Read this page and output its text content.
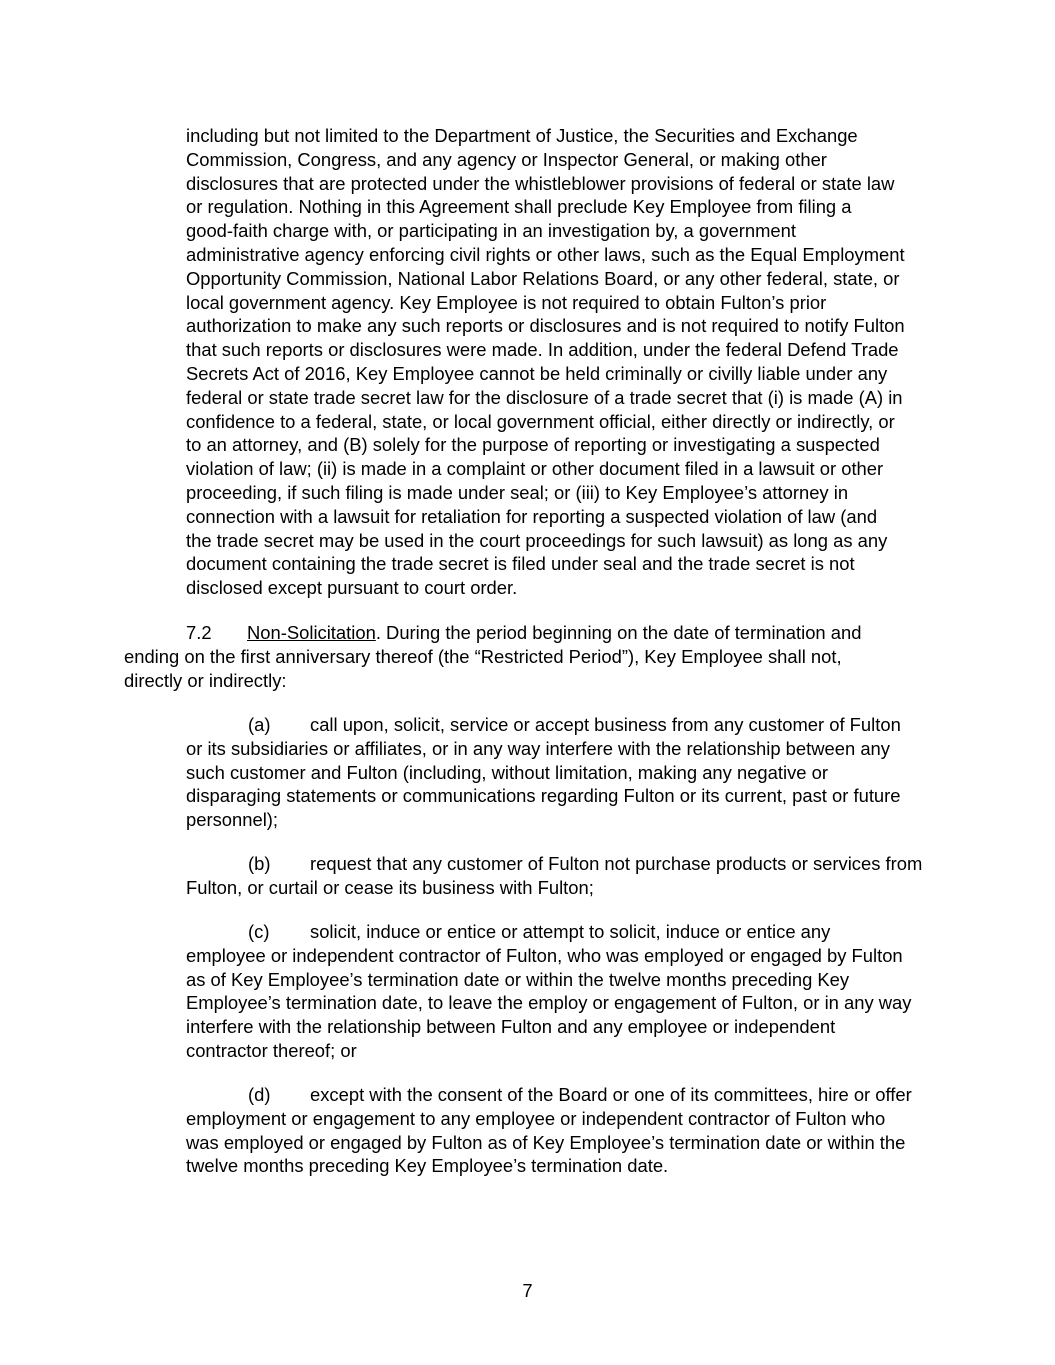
including but not limited to the Department of Justice, the Securities and Exchange
Commission, Congress, and any agency or Inspector General, or making other
disclosures that are protected under the whistleblower provisions of federal or state law
or regulation. Nothing in this Agreement shall preclude Key Employee from filing a
good-faith charge with, or participating in an investigation by, a government
administrative agency enforcing civil rights or other laws, such as the Equal Employment
Opportunity Commission, National Labor Relations Board, or any other federal, state, or
local government agency. Key Employee is not required to obtain Fulton’s prior
authorization to make any such reports or disclosures and is not required to notify Fulton
that such reports or disclosures were made. In addition, under the federal Defend Trade
Secrets Act of 2016, Key Employee cannot be held criminally or civilly liable under any
federal or state trade secret law for the disclosure of a trade secret that (i) is made (A) in
confidence to a federal, state, or local government official, either directly or indirectly, or
to an attorney, and (B) solely for the purpose of reporting or investigating a suspected
violation of law; (ii) is made in a complaint or other document filed in a lawsuit or other
proceeding, if such filing is made under seal; or (iii) to Key Employee’s attorney in
connection with a lawsuit for retaliation for reporting a suspected violation of law (and
the trade secret may be used in the court proceedings for such lawsuit) as long as any
document containing the trade secret is filed under seal and the trade secret is not
disclosed except pursuant to court order.

7.2 Non-Solicitation. During the period beginning on the date of termination and
ending on the first anniversary thereof (the “Restricted Period”), Key Employee shall not,
directly or indirectly:

(a) call upon, solicit, service or accept business from any customer of Fulton
or its subsidiaries or affiliates, or in any way interfere with the relationship between any
such customer and Fulton (including, without limitation, making any negative or
disparaging statements or communications regarding Fulton or its current, past or future
personnel);

(b) request that any customer of Fulton not purchase products or services from
Fulton, or curtail or cease its business with Fulton;

(c) solicit, induce or entice or attempt to solicit, induce or entice any
employee or independent contractor of Fulton, who was employed or engaged by Fulton
as of Key Employee’s termination date or within the twelve months preceding Key
Employee’s termination date, to leave the employ or engagement of Fulton, or in any way
interfere with the relationship between Fulton and any employee or independent
contractor thereof; or

(d) except with the consent of the Board or one of its committees, hire or offer
employment or engagement to any employee or independent contractor of Fulton who
was employed or engaged by Fulton as of Key Employee’s termination date or within the
twelve months preceding Key Employee’s termination date.

7
